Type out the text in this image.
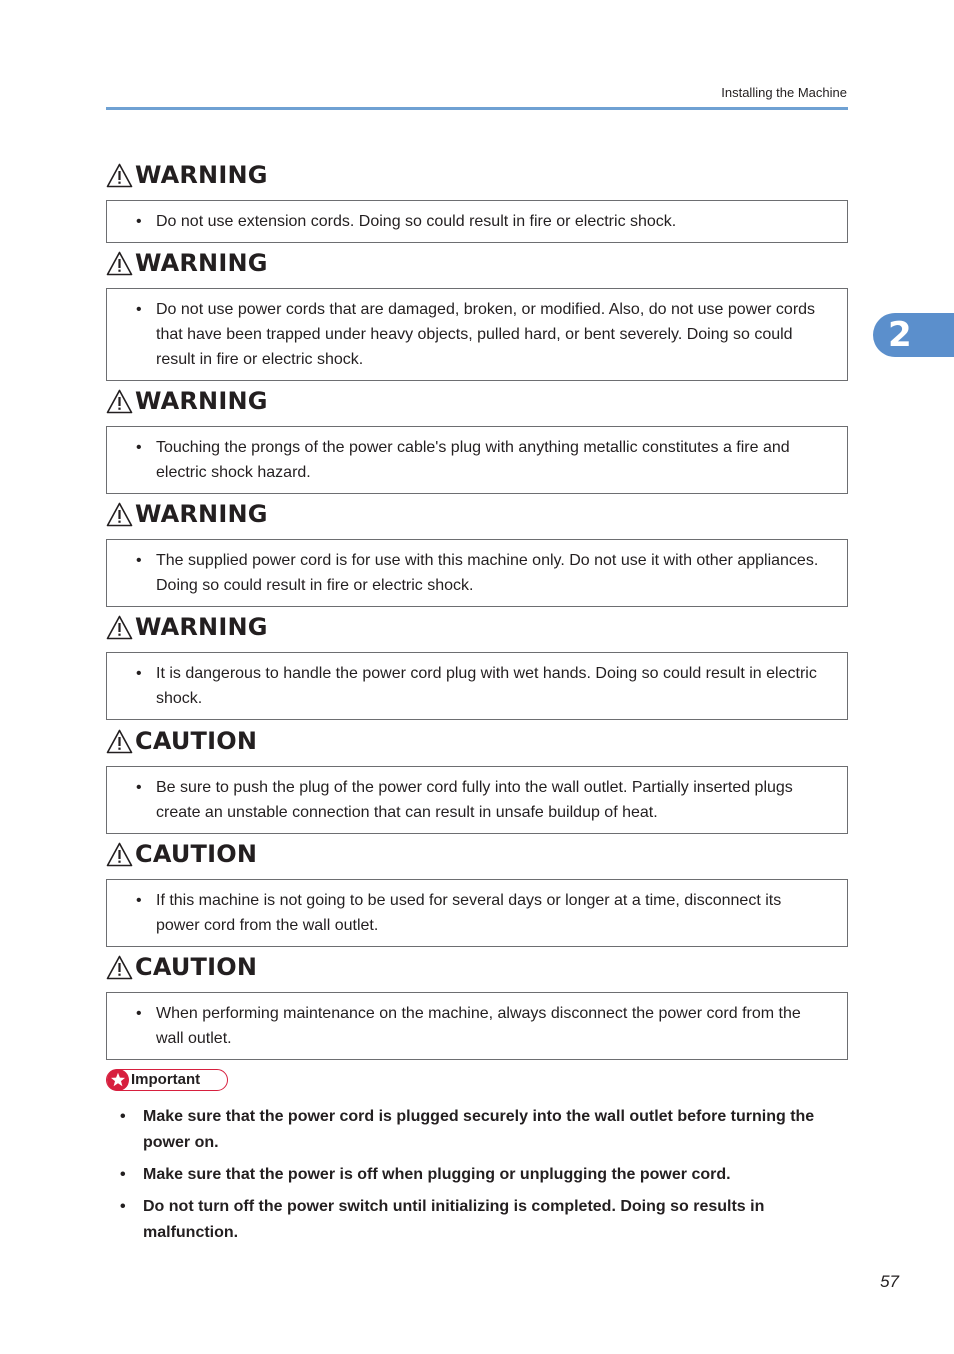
Installing the Machine
2
WARNING
• Do not use extension cords. Doing so could result in fire or electric shock.
WARNING
• Do not use power cords that are damaged, broken, or modified. Also, do not use power cords that have been trapped under heavy objects, pulled hard, or bent severely. Doing so could result in fire or electric shock.
WARNING
• Touching the prongs of the power cable's plug with anything metallic constitutes a fire and electric shock hazard.
WARNING
• The supplied power cord is for use with this machine only. Do not use it with other appliances. Doing so could result in fire or electric shock.
WARNING
• It is dangerous to handle the power cord plug with wet hands. Doing so could result in electric shock.
CAUTION
• Be sure to push the plug of the power cord fully into the wall outlet. Partially inserted plugs create an unstable connection that can result in unsafe buildup of heat.
CAUTION
• If this machine is not going to be used for several days or longer at a time, disconnect its power cord from the wall outlet.
CAUTION
• When performing maintenance on the machine, always disconnect the power cord from the wall outlet.
Important
• Make sure that the power cord is plugged securely into the wall outlet before turning the power on.
• Make sure that the power is off when plugging or unplugging the power cord.
• Do not turn off the power switch until initializing is completed. Doing so results in malfunction.
57
